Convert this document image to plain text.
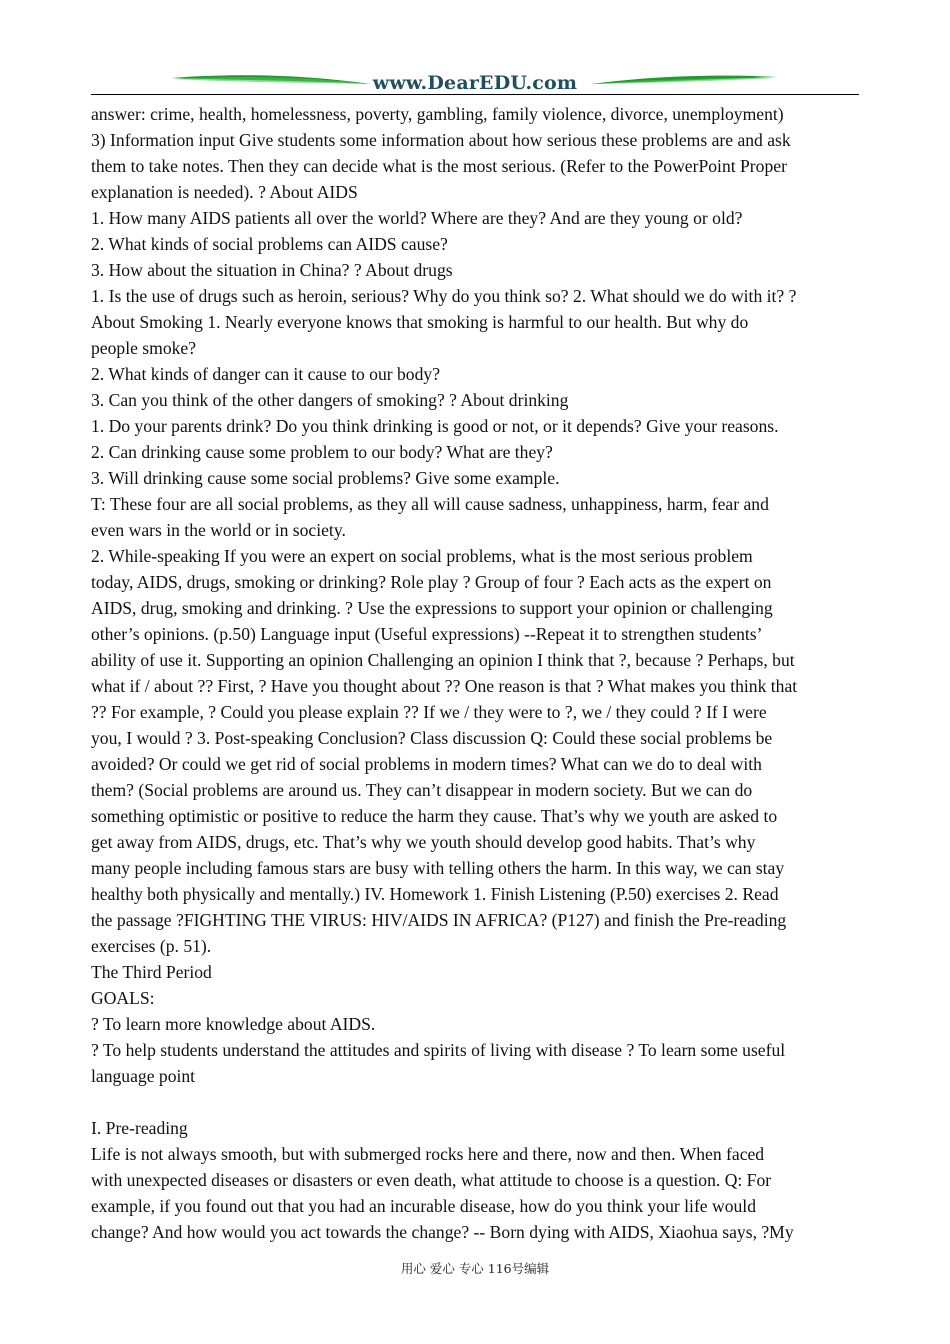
www.DearEDU.com
answer: crime, health, homelessness, poverty, gambling, family violence, divorce, unemployment)
3) Information input Give students some information about how serious these problems are and ask
them to take notes. Then they can decide what is the most serious. (Refer to the PowerPoint Proper
explanation is needed). ? About AIDS
1. How many AIDS patients all over the world? Where are they? And are they young or old?
2. What kinds of social problems can AIDS cause?
3. How about the situation in China? ? About drugs
1. Is the use of drugs such as heroin, serious? Why do you think so? 2. What should we do with it? ?
About Smoking 1. Nearly everyone knows that smoking is harmful to our health. But why do
people smoke?
2. What kinds of danger can it cause to our body?
3. Can you think of the other dangers of smoking? ? About drinking
1. Do your parents drink? Do you think drinking is good or not, or it depends? Give your reasons.
2. Can drinking cause some problem to our body? What are they?
3. Will drinking cause some social problems? Give some example.
T: These four are all social problems, as they all will cause sadness, unhappiness, harm, fear and
even wars in the world or in society.
2. While-speaking If you were an expert on social problems, what is the most serious problem
today, AIDS, drugs, smoking or drinking? Role play ? Group of four ? Each acts as the expert on
AIDS, drug, smoking and drinking. ? Use the expressions to support your opinion or challenging
other’s opinions. (p.50) Language input (Useful expressions) --Repeat it to strengthen students’
ability of use it. Supporting an opinion Challenging an opinion I think that ?, because ? Perhaps, but
what if / about ?? First, ? Have you thought about ?? One reason is that ? What makes you think that
?? For example, ? Could you please explain ?? If we / they were to ?, we / they could ? If I were
you, I would ? 3. Post-speaking Conclusion? Class discussion Q: Could these social problems be
avoided? Or could we get rid of social problems in modern times? What can we do to deal with
them? (Social problems are around us. They can’t disappear in modern society. But we can do
something optimistic or positive to reduce the harm they cause. That’s why we youth are asked to
get away from AIDS, drugs, etc. That’s why we youth should develop good habits. That’s why
many people including famous stars are busy with telling others the harm. In this way, we can stay
healthy both physically and mentally.) IV. Homework 1. Finish Listening (P.50) exercises 2. Read
the passage ?FIGHTING THE VIRUS: HIV/AIDS IN AFRICA? (P127) and finish the Pre-reading
exercises (p. 51).
The Third Period
GOALS:
? To learn more knowledge about AIDS.
? To help students understand the attitudes and spirits of living with disease ? To learn some useful
language point
I. Pre-reading
Life is not always smooth, but with submerged rocks here and there, now and then. When faced
with unexpected diseases or disasters or even death, what attitude to choose is a question. Q: For
example, if you found out that you had an incurable disease, how do you think your life would
change? And how would you act towards the change? -- Born dying with AIDS, Xiaohua says, ?My
用心 爱心 专心 116号编辑
